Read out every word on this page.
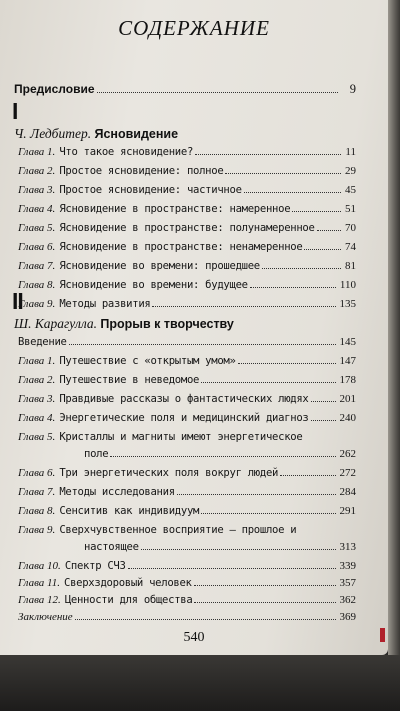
СОДЕРЖАНИЕ
Предисловие	9
I
Ч. Ледбитер. Ясновидение
Глава 1. Что такое ясновидение?	11
Глава 2. Простое ясновидение: полное	29
Глава 3. Простое ясновидение: частичное	45
Глава 4. Ясновидение в пространстве: намеренное	51
Глава 5. Ясновидение в пространстве: полунамеренное	70
Глава 6. Ясновидение в пространстве: ненамеренное	74
Глава 7. Ясновидение во времени: прошедшее	81
Глава 8. Ясновидение во времени: будущее	110
Глава 9. Методы развития	135
II
Ш. Карагулла. Прорыв к творчеству
Введение	145
Глава 1. Путешествие с «открытым умом»	147
Глава 2. Путешествие в неведомое	178
Глава 3. Правдивые рассказы о фантастических людях	201
Глава 4. Энергетические поля и медицинский диагноз	240
Глава 5. Кристаллы и магниты имеют энергетическое
поле	262
Глава 6. Три энергетических поля вокруг людей	272
Глава 7. Методы исследования	284
Глава 8. Сенситив как индивидуум	291
Глава 9. Сверхчувственное восприятие — прошлое и
настоящее	313
Глава 10. Спектр СЧЗ	339
Глава 11. Сверхздоровый человек	357
Глава 12. Ценности для общества	362
Заключение	369
540
